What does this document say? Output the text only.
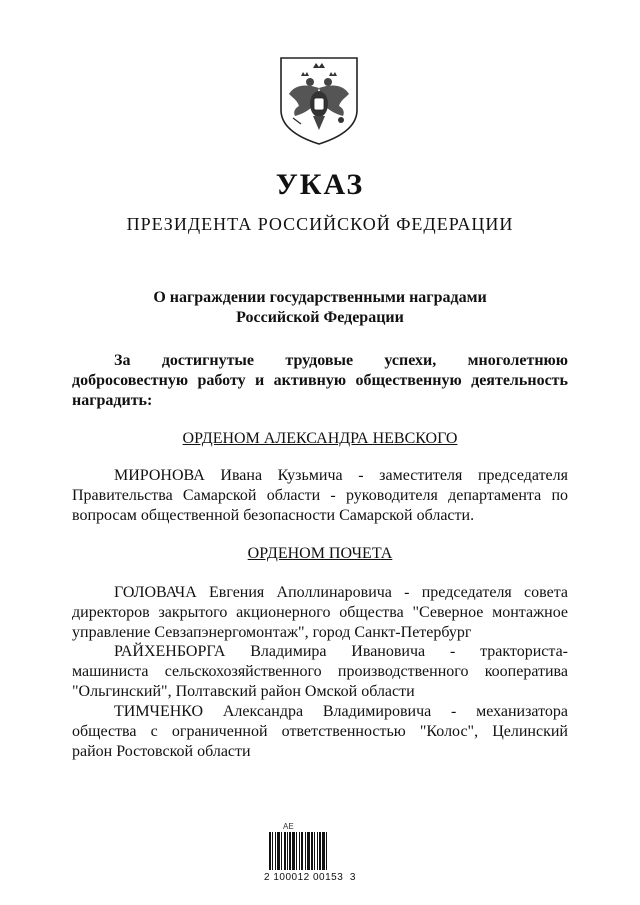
УКАЗ
ПРЕЗИДЕНТА РОССИЙСКОЙ ФЕДЕРАЦИИ
О награждении государственными наградами
Российской Федерации
За достигнутые трудовые успехи, многолетнюю
добросовестную работу и активную общественную деятельность
наградить:
ОРДЕНОМ АЛЕКСАНДРА НЕВСКОГО
МИРОНОВА Ивана Кузьмича - заместителя председателя
Правительства Самарской области - руководителя департамента по
вопросам общественной безопасности Самарской области.
ОРДЕНОМ ПОЧЕТА
ГОЛОВАЧА Евгения Аполлинаровича - председателя совета
директоров закрытого акционерного общества "Северное монтажное
управление Севзапэнергомонтаж", город Санкт-Петербург
РАЙХЕНБОРГА Владимира Ивановича - тракториста-
машиниста сельскохозяйственного производственного кооператива
"Ольгинский", Полтавский район Омской области
ТИМЧЕНКО Александра Владимировича - механизатора
общества с ограниченной ответственностью "Колос", Целинский
район Ростовской области
AE
2 100012 00153  3
